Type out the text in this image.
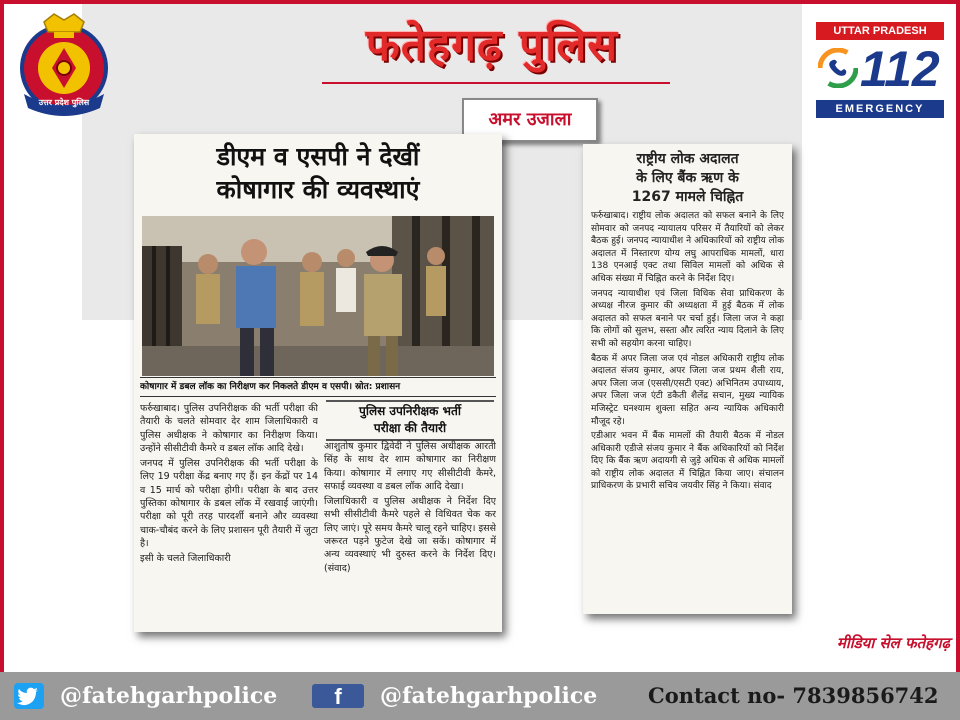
उत्तर प्रदेश पुलिस
फतेहगढ़ पुलिस	UTTAR PRADESH
112
EMERGENCY
अमर उजाला
डीएम व एसपी ने देखीं
कोषागार की व्यवस्थाएं
कोषागार में डबल लॉक का निरीक्षण कर निकलते डीएम व एसपी। स्रोत: प्रशासन
पुलिस उपनिरीक्षक भर्ती
परीक्षा की तैयारी

फर्रुखाबाद। पुलिस उपनिरीक्षक की भर्ती परीक्षा की तैयारी के चलते सोमवार देर शाम जिलाधिकारी व पुलिस अधीक्षक ने कोषागार का निरीक्षण किया। उन्होंने सीसीटीवी कैमरे व डबल लॉक आदि देखे।

जनपद में पुलिस उपनिरीक्षक की भर्ती परीक्षा के लिए 19 परीक्षा केंद्र बनाए गए हैं। इन केंद्रों पर 14 व 15 मार्च को परीक्षा होगी। परीक्षा के बाद उत्तर पुस्तिका कोषागार के डबल लॉक में रखवाई जाएंगी। परीक्षा को पूरी तरह पारदर्शी बनाने और व्यवस्था चाक-चौबंद करने के लिए प्रशासन पूरी तैयारी में जुटा है।

इसी के चलते जिलाधिकारी

आशुतोष कुमार द्विवेदी ने पुलिस अधीक्षक आरती सिंह के साथ देर शाम कोषागार का निरीक्षण किया। कोषागार में लगाए गए सीसीटीवी कैमरे, सफाई व्यवस्था व डबल लॉक आदि देखा।

जिलाधिकारी व पुलिस अधीक्षक ने निर्देश दिए सभी सीसीटीवी कैमरे पहले से विधिवत चेक कर लिए जाएं। पूरे समय कैमरे चालू रहने चाहिए। इससे जरूरत पड़ने फुटेज देखे जा सकें। कोषागार में अन्य व्यवस्थाएं भी दुरुस्त करने के निर्देश दिए। (संवाद)

राष्ट्रीय लोक अदालत
के लिए बैंक ऋण के
1267 मामले चिह्नित

फर्रुखाबाद। राष्ट्रीय लोक अदालत को सफल बनाने के लिए सोमवार को जनपद न्यायालय परिसर में तैयारियों को लेकर बैठक हुई। जनपद न्यायाधीश ने अधिकारियों को राष्ट्रीय लोक अदालत में निस्तारण योग्य लघु आपराधिक मामलों, धारा 138 एनआई एक्ट तथा सिविल मामलों को अधिक से अधिक संख्या में चिह्नित करने के निर्देश दिए।

जनपद न्यायाधीश एवं जिला विधिक सेवा प्राधिकरण के अध्यक्ष नीरज कुमार की अध्यक्षता में हुई बैठक में लोक अदालत को सफल बनाने पर चर्चा हुई। जिला जज ने कहा कि लोगों को सुलभ, सस्ता और त्वरित न्याय दिलाने के लिए सभी को सहयोग करना चाहिए।

बैठक में अपर जिला जज एवं नोडल अधिकारी राष्ट्रीय लोक अदालत संजय कुमार, अपर जिला जज प्रथम शैली राय, अपर जिला जज (एससी/एसटी एक्ट) अभिनितम उपाध्याय, अपर जिला जज एंटी डकैती शैलेंद्र सचान, मुख्य न्यायिक मजिस्ट्रेट घनश्याम शुक्ला सहित अन्य न्यायिक अधिकारी मौजूद रहे।

एडीआर भवन में बैंक मामलों की तैयारी बैठक में नोडल अधिकारी एडीजे संजय कुमार ने बैंक अधिकारियों को निर्देश दिए कि बैंक ऋण अदायगी से जुड़े अधिक से अधिक मामलों को राष्ट्रीय लोक अदालत में चिह्नित किया जाए। संचालन प्राधिकरण के प्रभारी सचिव जयवीर सिंह ने किया। संवाद

मीडिया सेल फतेहगढ़
@fatehgarhpolice	f	@fatehgarhpolice	Contact no- 7839856742
